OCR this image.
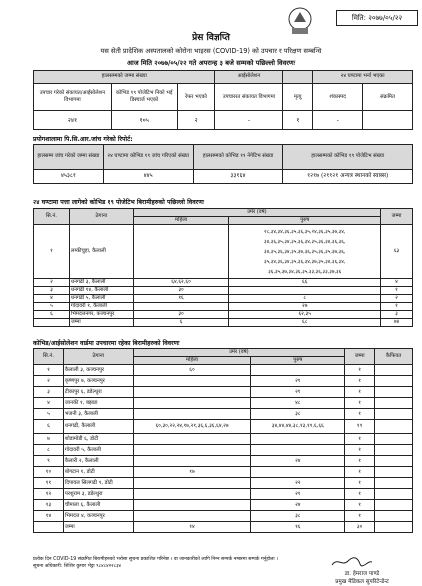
मिति: २०७७/०५/२२
प्रेस विज्ञप्ति
यस सेती प्रादेशिक अस्पतालको कोरोना भाइरस (COVID-19) को उपचार र परिक्षण सम्बन्धि
आज मिति २०७७/०५/२२ गते अपरान्ह ३ बजे सम्मको पछिल्लो विवरणः
हालसम्मको जम्मा संख्या			आईसोलेशन		२४ घण्टामा भर्ना भएका	
उपचार गरेको संकायत/आईसोलेशन विभागमा	कोभिड १९ पोजेटिभ निको भई डिस्चार्ज भएको	रेफर भएको	उपचाररत संकायत विभागमा	मृत्यु	शंकास्पद	संक्रमित
२४१	१०५	२	-	१	-	
प्रयोगशालामा पि.सि.आर.जांच गरेको रिपोर्ट:
हालसम्म जांच गरेको जम्मा संख्या	२४ घण्टामा कोभिड १९ जांच गरिएको संख्या	हालसम्मको कोभिड १९ नेगेटिभ संख्या	हालसम्मको कोभिड १९ पोजेटिभ संख्या
४५३८१	४४५	३३१६४	१२१७ (२११२१ अन्यत्र स्थानको स्वाब्स)
२४ घण्टामा पत्ता लागेको कोभिड १९ पोजेटिभ बिरामीहरुको पछिल्लो विवरणः
सि.नं.	ठेगाना	उमेर (वर्ष)		जम्मा
		महिला	पुरुष	
१	लम्कीचुहा, कैलाली		२८,३४,३४,३६,३५,३६,३५,२४,३६,३५,३७,३४,
३४,३६,३५,३४,३५,३६,३४,३५,३६,३४,३६,३६,
३४,३५,३६,३४,३५,३७,३६,३५,३६,३५,३७,३६,
३५,३४,३६,३४,३५,३६,३४,३७,३५,३४,३६,३४,
३६,३५,३७,३४,३६,३५,३३,३६,३३,३७,३६	६३
२	धनगढी ३, कैलाली	६४,६२,६०	६६	४
३	धनगढी १४, कैलाली	३०		१
४	धनगढी ५, कैलाली	१६	८	२
५	गोदावरी १, कैलाली		२७	१
६	भिमदत्तनगर, कञ्चनपुर	३०	६२,३५	३
	जम्मा	६	६८	७४
कोभिड/आईसोलेशन वार्डमा उपचारमा रहेका बिरामीहरुको विवरणः
सि.नं.	ठेगाना	उमेर (वर्ष)		जम्मा	कैफियत
		महिला	पुरुष		
१	कैलाली ३, कञ्चनपुर	६०		१	
२	कृष्णपुर ७, कञ्चनपुर		२१	१	
३	टीकापुर ६, डडेल्धुरा		२१	१	
४	जानकी १, बझाङ		४८	१	
५	भजनी ३, कैलाली		३८	१	
६	धनगढी, कैलाली	६०,३०,२२,२४,१७,२१,३६,६,३६,६४,२७	३४,४४,४४,३८,१३,१९,६,६६	१९	
७	शोडामोडी ६, डोटी			१	
८	गोदावरी ५, कैलाली			१	
९	कैलारी २, कैलाली		२४	१	
१०	बोगटान १, डोटी	१७		१	
११	दिपायल सिलगढी ९, डोटी		२२	१	
१२	परशुराम ३, डडेल्धुरा		२१	१	
१३	चौमाला ६, कैलाली		२४	१	
१४	भिमदत्त ४, कञ्चनपुर		३८	१	
	जम्मा	१४	१६	३०	
प्रत्येक दिन COVID-19 संक्रमित बिरामीहरुको भरोसा सुचना प्रकाशित गरिनेछ । वा जानकारीको लागि निम्न सम्पर्क नम्बरमा सम्पर्क गर्नुहोला ।
सूचना अधिकारी: शिशिर कुमार भेट्टा ९८४८४२२८३४
डा. हेमराज पाण्डे
प्रमुख मेडिकल सुपरिटेन्डेन्ट
